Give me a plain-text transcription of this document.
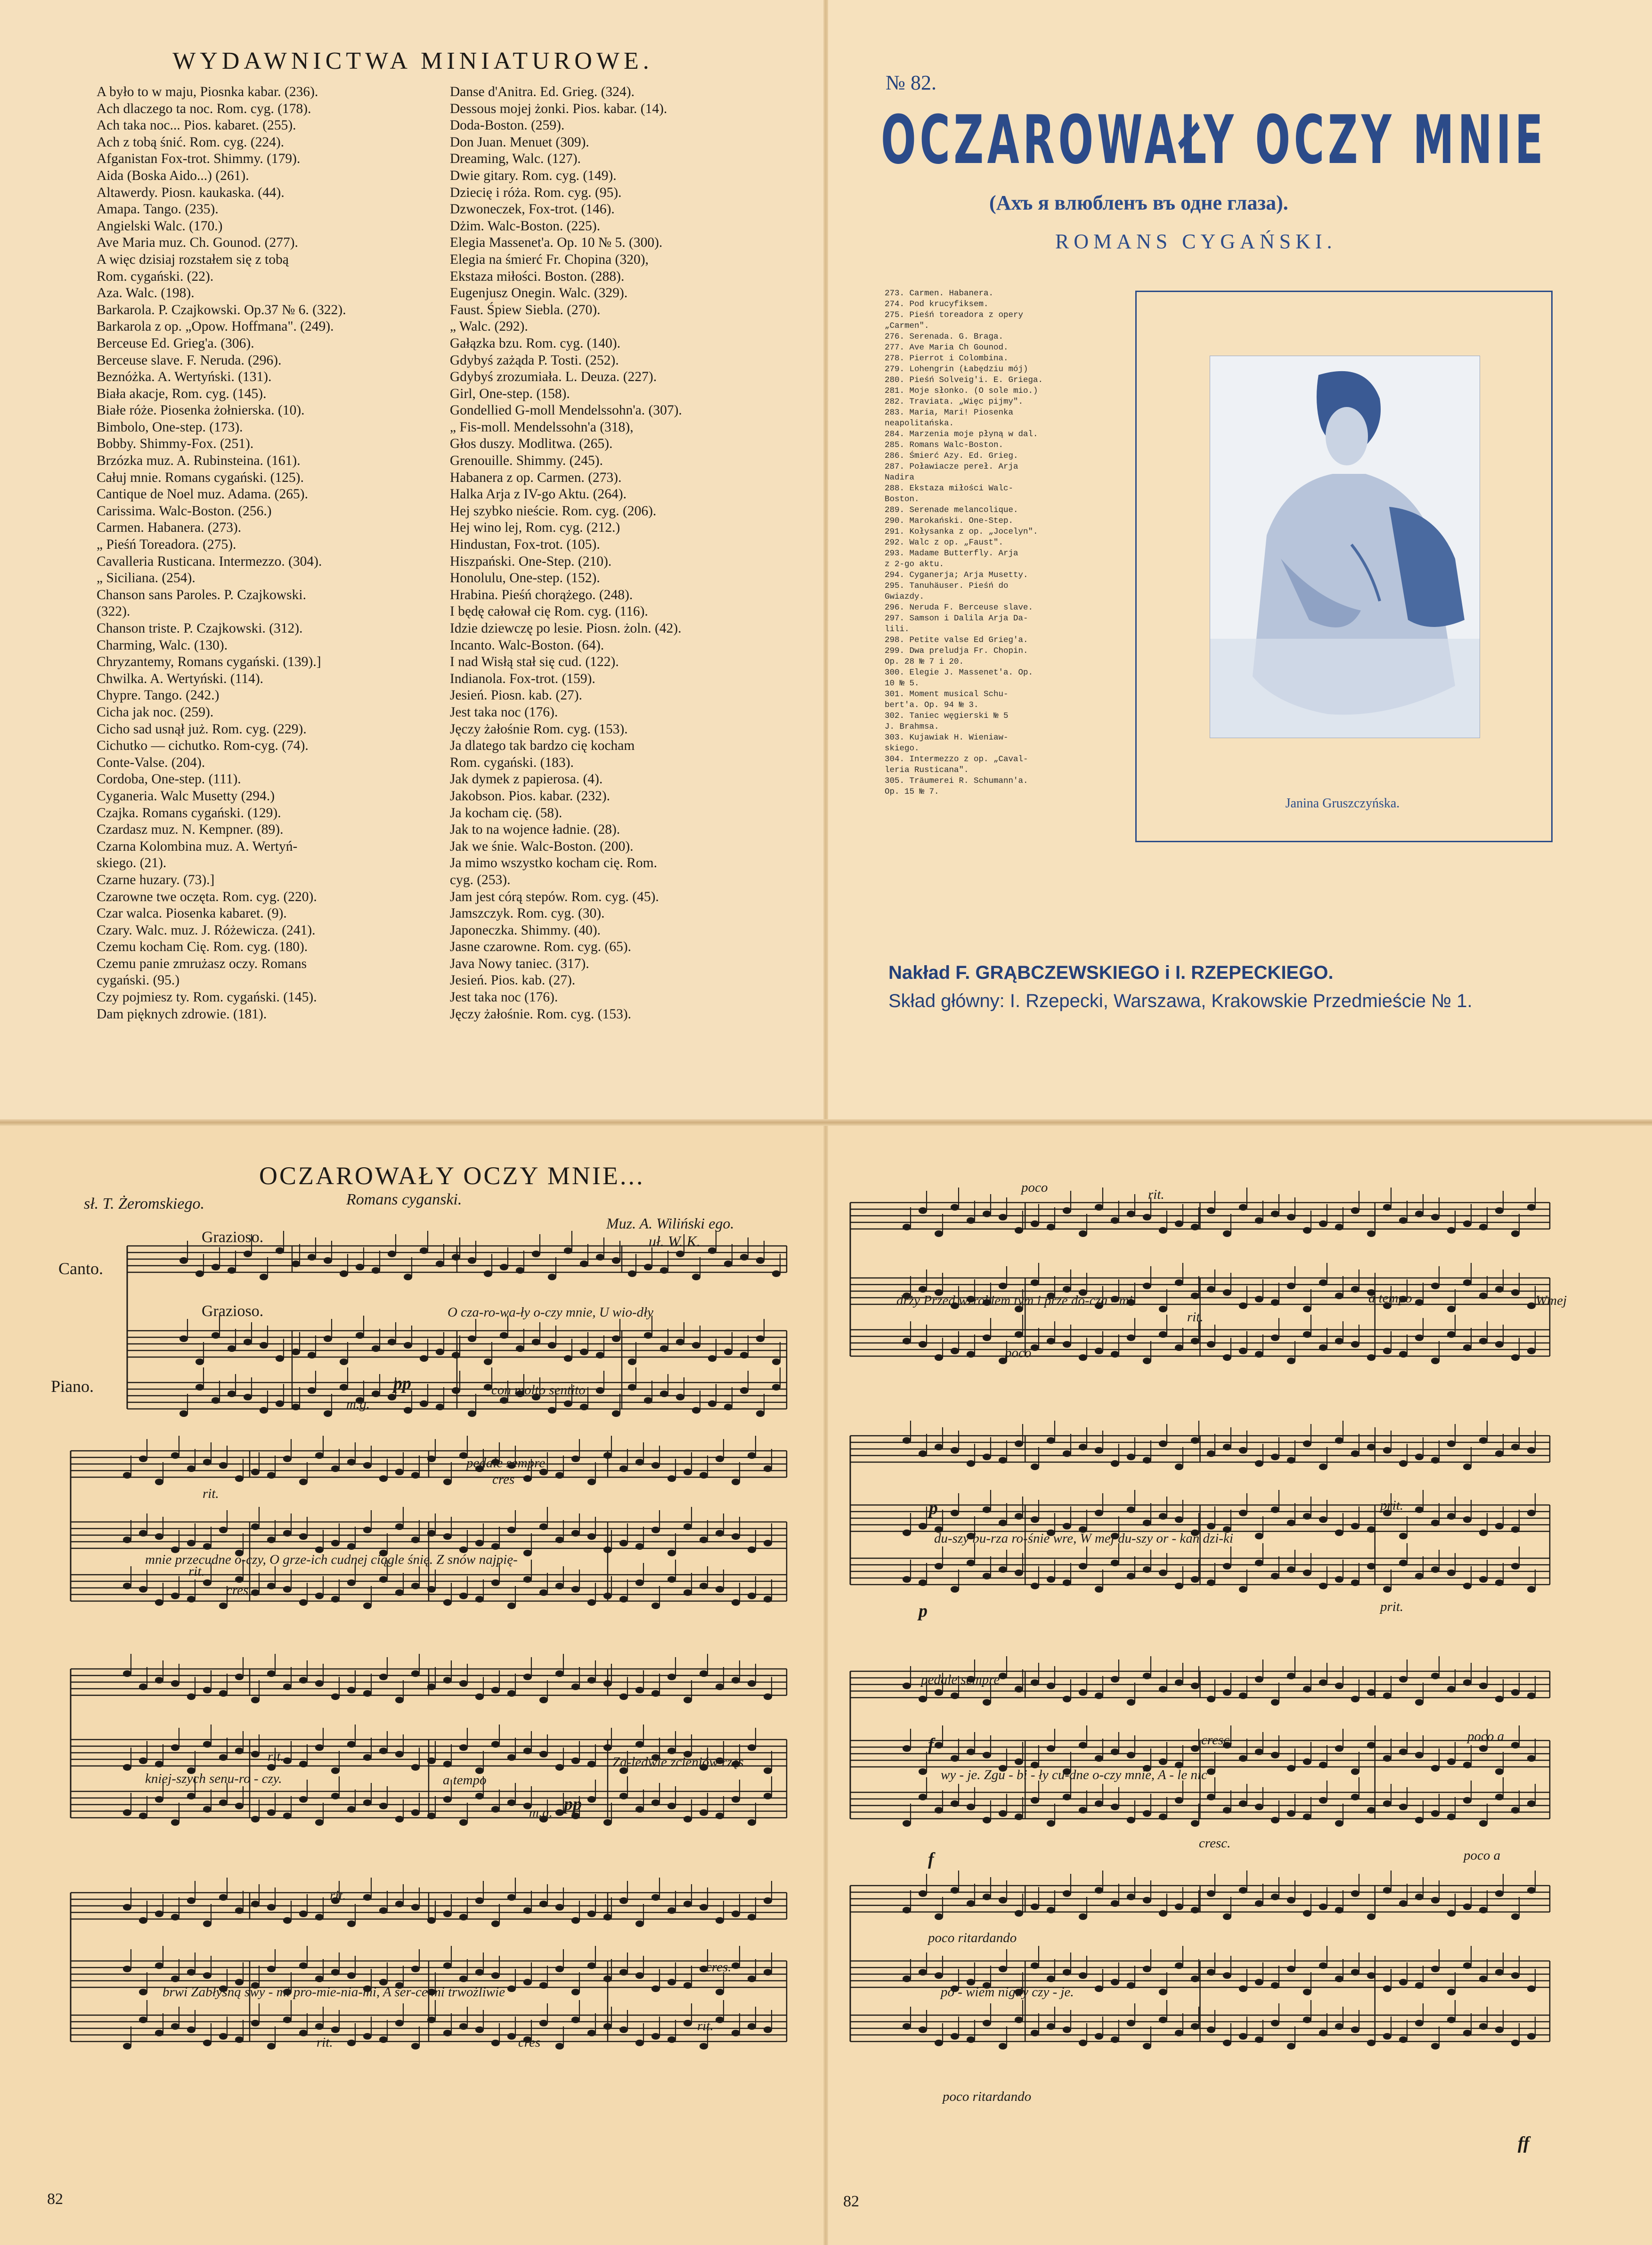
WYDAWNICTWA MINIATUROWE.
A było to w maju, Piosnka kabar. (236).
Ach dlaczego ta noc. Rom. cyg. (178).
Ach taka noc... Pios. kabaret. (255).
Ach z tobą śnić. Rom. cyg. (224).
Afganistan Fox-trot. Shimmy. (179).
Aida (Boska Aido...) (261).
Altawerdy. Piosn. kaukaska. (44).
Amapa. Tango. (235).
Angielski Walc. (170.)
Ave Maria muz. Ch. Gounod. (277).
A więc dzisiaj rozstałem się z tobą
Rom. cygański. (22).
Aza. Walc. (198).
Barkarola. P. Czajkowski. Op.37 № 6. (322).
Barkarola z op. „Opow. Hoffmana". (249).
Berceuse Ed. Grieg'a. (306).
Berceuse slave. F. Neruda. (296).
Beznóżka. A. Wertyński. (131).
Biała akacje, Rom. cyg. (145).
Białe róże. Piosenka żołnierska. (10).
Bimbolo, One-step. (173).
Bobby. Shimmy-Fox. (251).
Brzózka muz. A. Rubinsteina. (161).
Całuj mnie. Romans cygański. (125).
Cantique de Noel muz. Adama. (265).
Carissima. Walc-Boston. (256.)
Carmen. Habanera. (273).
„ Pieśń Toreadora. (275).
Cavalleria Rusticana. Intermezzo. (304).
„ Siciliana. (254).
Chanson sans Paroles. P. Czajkowski.
(322).
Chanson triste. P. Czajkowski. (312).
Charming, Walc. (130).
Chryzantemy, Romans cygański. (139).]
Chwilka. A. Wertyński. (114).
Chypre. Tango. (242.)
Cicha jak noc. (259).
Cicho sad usnął już. Rom. cyg. (229).
Cichutko — cichutko. Rom-cyg. (74).
Conte-Valse. (204).
Cordoba, One-step. (111).
Cyganeria. Walc Musetty (294.)
Czajka. Romans cygański. (129).
Czardasz muz. N. Kempner. (89).
Czarna Kolombina muz. A. Wertyń-
skiego. (21).
Czarne huzary. (73).]
Czarowne twe oczęta. Rom. cyg. (220).
Czar walca. Piosenka kabaret. (9).
Czary. Walc. muz. J. Różewicza. (241).
Czemu kocham Cię. Rom. cyg. (180).
Czemu panie zmrużasz oczy. Romans
cygański. (95.)
Czy pojmiesz ty. Rom. cygański. (145).
Dam pięknych zdrowie. (181).
Danse d'Anitra. Ed. Grieg. (324).
Dessous mojej żonki. Pios. kabar. (14).
Doda-Boston. (259).
Don Juan. Menuet (309).
Dreaming, Walc. (127).
Dwie gitary. Rom. cyg. (149).
Dziecię i róża. Rom. cyg. (95).
Dzwoneczek, Fox-trot. (146).
Dżim. Walc-Boston. (225).
Elegia Massenet'a. Op. 10 № 5. (300).
Elegia na śmierć Fr. Chopina (320),
Ekstaza miłości. Boston. (288).
Eugenjusz Onegin. Walc. (329).
Faust. Śpiew Siebla. (270).
„ Walc. (292).
Gałązka bzu. Rom. cyg. (140).
Gdybyś zażąda P. Tosti. (252).
Gdybyś zrozumiała. L. Deuza. (227).
Girl, One-step. (158).
Gondellied G-moll Mendelssohn'a. (307).
„ Fis-moll. Mendelssohn'a (318),
Głos duszy. Modlitwa. (265).
Grenouille. Shimmy. (245).
Habanera z op. Carmen. (273).
Halka Arja z IV-go Aktu. (264).
Hej szybko nieście. Rom. cyg. (206).
Hej wino lej, Rom. cyg. (212.)
Hindustan, Fox-trot. (105).
Hiszpański. One-Step. (210).
Honolulu, One-step. (152).
Hrabina. Pieśń chorążego. (248).
I będę całował cię Rom. cyg. (116).
Idzie dziewczę po lesie. Piosn. żoln. (42).
Incanto. Walc-Boston. (64).
I nad Wisłą stał się cud. (122).
Indianola. Fox-trot. (159).
Jesień. Piosn. kab. (27).
Jest taka noc (176).
Jęczy żałośnie Rom. cyg. (153).
Ja dlatego tak bardzo cię kocham
Rom. cygański. (183).
Jak dymek z papierosa. (4).
Jakobson. Pios. kabar. (232).
Ja kocham cię. (58).
Jak to na wojence ładnie. (28).
Jak we śnie. Walc-Boston. (200).
Ja mimo wszystko kocham cię. Rom.
cyg. (253).
Jam jest córą stepów. Rom. cyg. (45).
Jamszczyk. Rom. cyg. (30).
Japoneczka. Shimmy. (40).
Jasne czarowne. Rom. cyg. (65).
Java Nowy taniec. (317).
Jesień. Pios. kab. (27).
Jest taka noc (176).
Jęczy żałośnie. Rom. cyg. (153).
№ 82.
OCZAROWAŁY OCZY MNIE
(Ахъ я влюбленъ въ одне глаза).
ROMANS CYGAŃSKI.
273. Carmen. Habanera.
274. Pod krucyfiksem.
275. Pieśń toreadora z opery
„Carmen".
276. Serenada. G. Braga.
277. Ave Maria Ch Gounod.
278. Pierrot i Colombina.
279. Lohengrin (Łabędziu mój)
280. Pieśń Solveig'i. E. Griega.
281. Moje słonko. (O sole mio.)
282. Traviata. „Więc pijmy".
283. Maria, Mari! Piosenka
neapolitańska.
284. Marzenia moje płyną w dal.
285. Romans Walc-Boston.
286. Śmierć Azy. Ed. Grieg.
287. Poławiacze pereł. Arja
Nadira
288. Ekstaza miłości Walc-
Boston.
289. Serenade melancolique.
290. Marokański. One-Step.
291. Kołysanka z op. „Jocelyn".
292. Walc z op. „Faust".
293. Madame Butterfly. Arja
z 2-go aktu.
294. Cyganerja; Arja Musetty.
295. Tanuhäuser. Pieśń do
Gwiazdy.
296. Neruda F. Berceuse slave.
297. Samson i Dalila Arja Da-
lili.
298. Petite valse Ed Grieg'a.
299. Dwa preludja Fr. Chopin.
Op. 28 № 7 i 20.
300. Elegie J. Massenet'a. Op.
10 № 5.
301. Moment musical Schu-
bert'a. Op. 94 № 3.
302. Taniec węgierski № 5
J. Brahmsa.
303. Kujawiak H. Wieniaw-
skiego.
304. Intermezzo z op. „Caval-
leria Rusticana".
305. Träumerei R. Schumann'a.
Op. 15 № 7.
Janina Gruszczyńska.
Nakład F. GRĄBCZEWSKIEGO i I. RZEPECKIEGO.
Skład główny: I. Rzepecki, Warszawa, Krakowskie Przedmieście № 1.
OCZAROWAŁY OCZY MNIE...
sł. T. Żeromskiego.	Romans cyganski.
Muz. A. Wiliński ego.
uł. W. K.
Canto.
Piano.
Grazioso.
Grazioso.	O cza-ro-wa-ły o-czy mnie, U wio-dły
mnie przecudne o-czy, O grze-ich cudnej ciągle śnię. Z snów najpię-
kniej-szych senu-ro - czy.
Za-ledwie zcieniów rzęs
brwi Zabłysną swy - mi pro-mie-nia-mi, A ser-ce mi trwożliwie
pp
m.g.
con molto sentito
pedale sempre
rit.
cres
rit.
cres
rit.
a tempo
m.g. pp
rit.
rit.
cres.
rit.
cres
82
drży Przed wzrokiem tym i prze do-cza - mi	Wmej
du-szy bu-rza ro-śnie wre, W mej du-szy or - kan dzi-ki
wy - je. Zgu - bi - ły cu-dne o-czy mnie, A - le nic
po - wiem nigdy czy - je.
poco	rit.
a tempo
rit.
poco
p	prit.
p	prit.
pedale sempre
f	cresc.	poco a
cresc.
f	poco a
poco ritardando
poco ritardando
ff
82
